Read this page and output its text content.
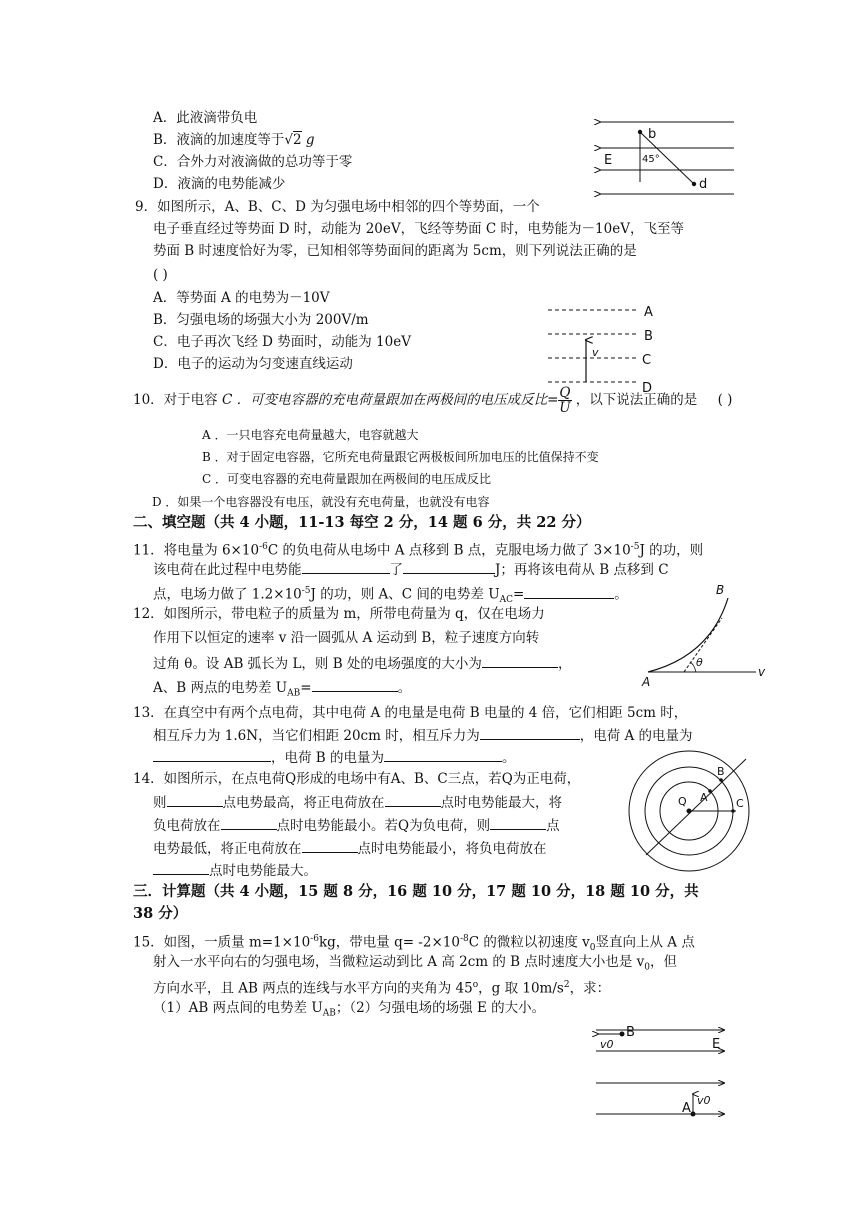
A．此液滴带负电
B．液滴的加速度等于√2 g
C．合外力对液滴做的总功等于零
D．液滴的电势能减少
b
45°
E
d
9．如图所示，A、B、C、D 为匀强电场中相邻的四个等势面，一个
电子垂直经过等势面 D 时，动能为 20eV，飞经等势面 C 时，电势能为－10eV，飞至等
势面 B 时速度恰好为零，已知相邻等势面间的距离为 5cm，则下列说法正确的是
( )
A．等势面 A 的电势为－10V
B．匀强电场的场强大小为 200V/m
C．电子再次飞经 D 势面时，动能为 10eV
D．电子的运动为匀变速直线运动
v
A
B
C
D
10．对于电容 C ．可变电容器的充电荷量跟加在两极间的电压成反比= $\frac{Q}{U}$ ，以下说法正确的是 ( )
A ．一只电容充电荷量越大，电容就越大
B ．对于固定电容器，它所充电荷量跟它两极板间所加电压的比值保持不变
C ．可变电容器的充电荷量跟加在两极间的电压成反比
D ．如果一个电容器没有电压，就没有充电荷量，也就没有电容
二、填空题（共 4 小题，11-13 每空 2 分，14 题 6 分，共 22 分）
11．将电量为 $6\times 10^{-6}C$ 的负电荷从电场中 A 点移到 B 点，克服电场力做了 $3\times 10^{-5}J$ 的功，则
该电荷在此过程中电势能	了	J；再将该电荷从 B 点移到 C
点，电场力做了 $1.2\times 10^{-5}J$ 的功，则 A、C 间的电势差 $U_{AC}=$	。
12．如图所示，带电粒子的质量为 m，所带电荷量为 q，仅在电场力
作用下以恒定的速率 v 沿一圆弧从 A 运动到 B，粒子速度方向转
过角 θ。设 AB 弧长为 L，则 B 处的电场强度的大小为	，
A、B 两点的电势差 $U_{AB}=$	。	A
B
θ
v
13．在真空中有两个点电荷，其中电荷 A 的电量是电荷 B 电量的 4 倍，它们相距 5cm 时，
相互斥力为 1.6N，当它们相距 20cm 时，相互斥力为	，电荷 A 的电量为
，电荷 B 的电量为	。
14．如图所示，在点电荷Q形成的电场中有A、B、C三点，若Q为正电荷，
则	点电势最高，将正电荷放在	点时电势能最大，将
负电荷放在	点时电势能最小。若Q为负电荷，则	点
电势最低，将正电荷放在	点时电势能最小，将负电荷放在
点时电势能最大。
Q A
B
C
三．计算题（共 4 小题，15 题 8 分，16 题 10 分，17 题 10 分，18 题 10 分，共
38 分）
15．如图，一质量 $m=1\times 10^{-6}kg$，带电量 $q= -2\times 10^{-8}C$ 的微粒以初速度 $v_0$竖直向上从 A 点
射入一水平向右的匀强电场，当微粒运动到比 A 高 2cm 的 B 点时速度大小也是 $v_0$，但
方向水平，且 AB 两点的连线与水平方向的夹角为 45$^o$，g 取 $10m/s^2$，求：
（1）AB 两点间的电势差 $U_{AB}$；（2）匀强电场的场强 E 的大小。
B
v0	E
A
v0
